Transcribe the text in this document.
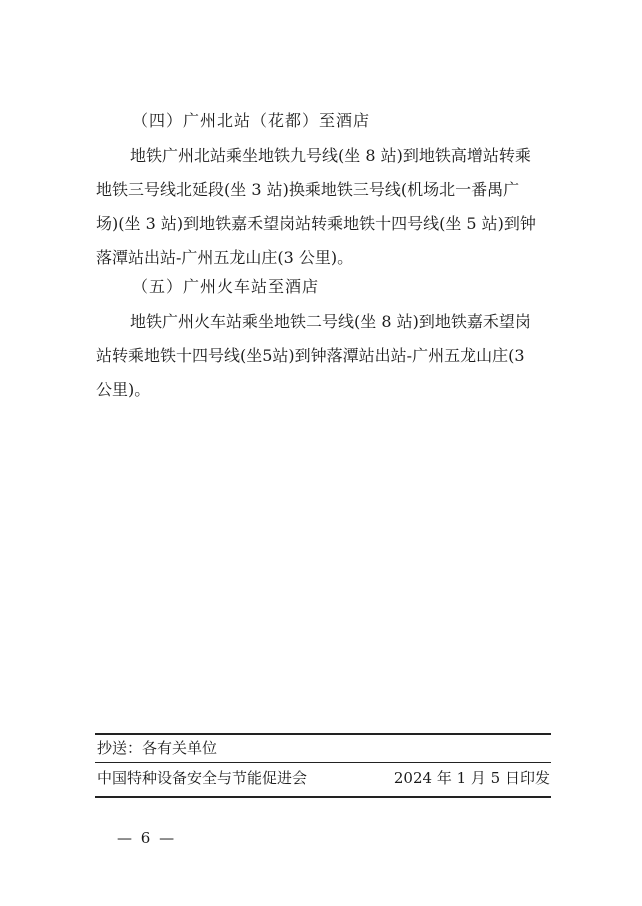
（四）广州北站（花都）至酒店
地铁广州北站乘坐地铁九号线(坐 8 站)到地铁高增站转乘
地铁三号线北延段(坐 3 站)换乘地铁三号线(机场北一番禺广
场)(坐 3 站)到地铁嘉禾望岗站转乘地铁十四号线(坐 5 站)到钟
落潭站出站-广州五龙山庄(3 公里)。
（五）广州火车站至酒店
地铁广州火车站乘坐地铁二号线(坐 8 站)到地铁嘉禾望岗
站转乘地铁十四号线(坐5站)到钟落潭站出站-广州五龙山庄(3
公里)。
抄送：各有关单位
中国特种设备安全与节能促进会	2024 年 1 月 5 日印发
— 6 —
